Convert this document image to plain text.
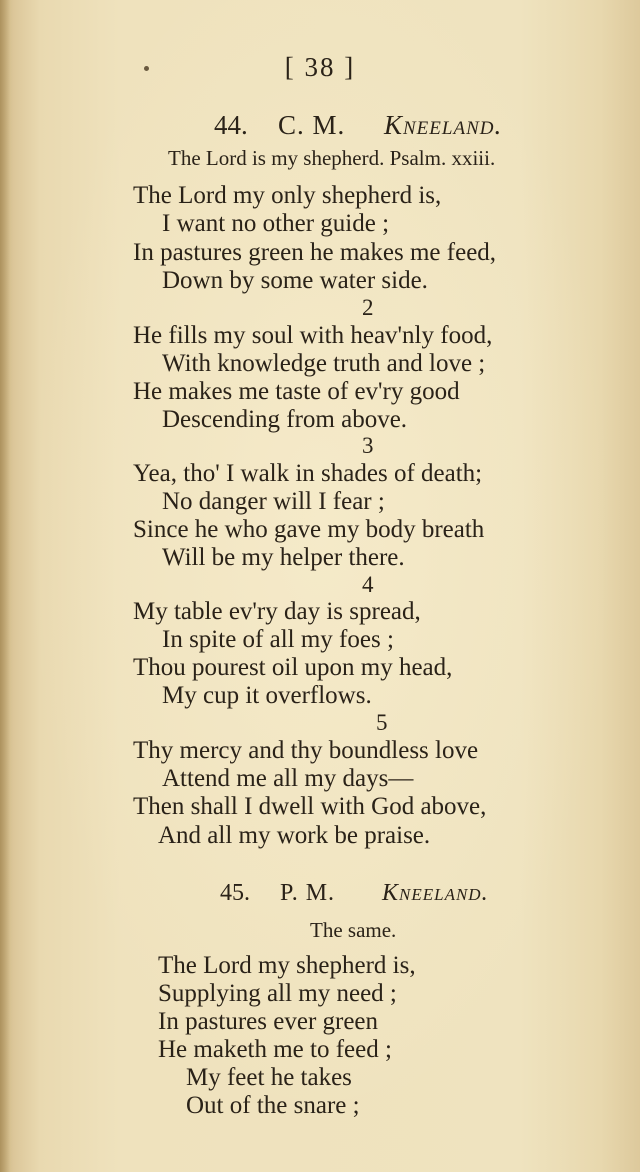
[ 38 ]
44. C. M. Kneeland.
The Lord is my shepherd. Psalm. xxiii.
The Lord my only shepherd is,
I want no other guide ;
In pastures green he makes me feed,
Down by some water side.
2
He fills my soul with heav'nly food,
With knowledge truth and love ;
He makes me taste of ev'ry good
Descending from above.
3
Yea, tho' I walk in shades of death;
No danger will I fear ;
Since he who gave my body breath
Will be my helper there.
4
My table ev'ry day is spread,
In spite of all my foes ;
Thou pourest oil upon my head,
My cup it overflows.
5
Thy mercy and thy boundless love
Attend me all my days—
Then shall I dwell with God above,
And all my work be praise.
45. P. M. Kneeland.
The same.
The Lord my shepherd is,
Supplying all my need ;
In pastures ever green
He maketh me to feed ;
My feet he takes
Out of the snare ;
